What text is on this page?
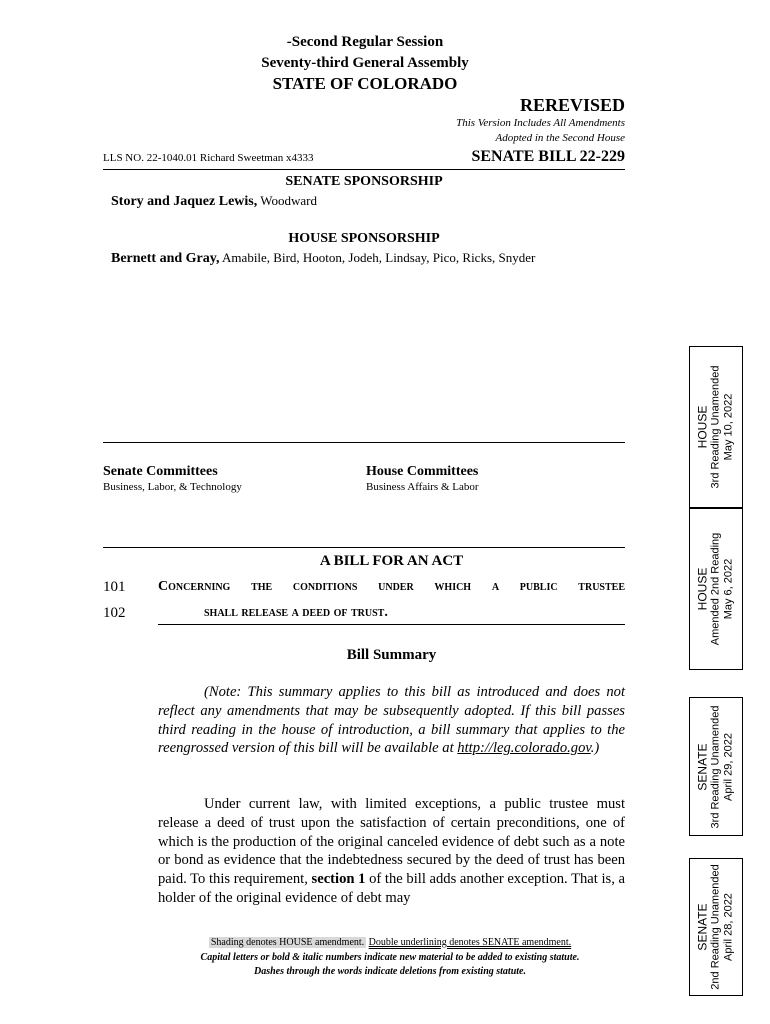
-Second Regular Session
Seventy-third General Assembly
STATE OF COLORADO
REREVISED
This Version Includes All Amendments
Adopted in the Second House
LLS NO. 22-1040.01 Richard Sweetman x4333	SENATE BILL 22-229
SENATE SPONSORSHIP
Story and Jaquez Lewis, Woodward
HOUSE SPONSORSHIP
Bernett and Gray, Amabile, Bird, Hooton, Jodeh, Lindsay, Pico, Ricks, Snyder
Senate Committees
Business, Labor, & Technology
House Committees
Business Affairs & Labor
A BILL FOR AN ACT
101 Concerning the conditions under which a public trustee
102	shall release a deed of trust.
Bill Summary
(Note: This summary applies to this bill as introduced and does not reflect any amendments that may be subsequently adopted. If this bill passes third reading in the house of introduction, a bill summary that applies to the reengrossed version of this bill will be available at http://leg.colorado.gov.)
Under current law, with limited exceptions, a public trustee must release a deed of trust upon the satisfaction of certain preconditions, one of which is the production of the original canceled evidence of debt such as a note or bond as evidence that the indebtedness secured by the deed of trust has been paid. To this requirement, section 1 of the bill adds another exception. That is, a holder of the original evidence of debt may
Shading denotes HOUSE amendment. Double underlining denotes SENATE amendment.
Capital letters or bold & italic numbers indicate new material to be added to existing statute.
Dashes through the words indicate deletions from existing statute.
HOUSE 3rd Reading Unamended May 10, 2022
HOUSE Amended 2nd Reading May 6, 2022
SENATE 3rd Reading Unamended April 29, 2022
SENATE 2nd Reading Unamended April 28, 2022
